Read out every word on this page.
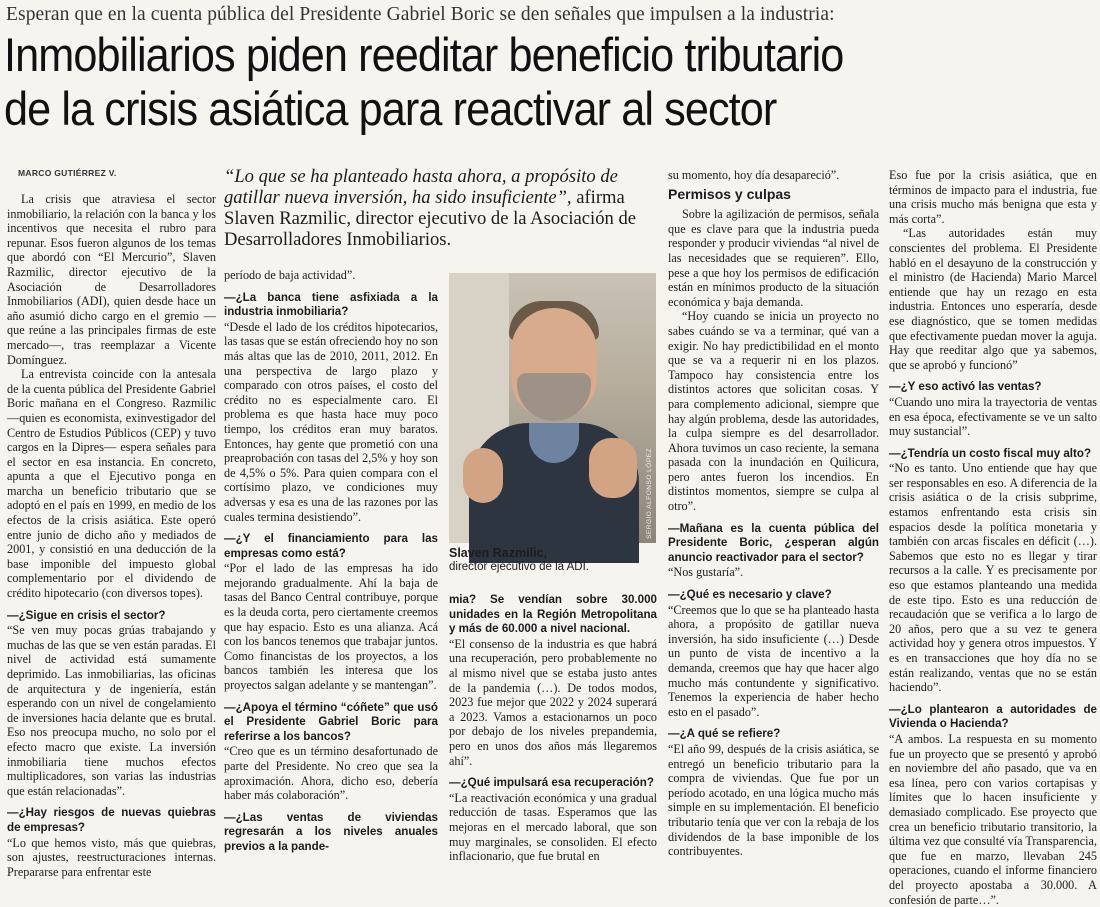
Esperan que en la cuenta pública del Presidente Gabriel Boric se den señales que impulsen a la industria:
Inmobiliarios piden reeditar beneficio tributario
de la crisis asiática para reactivar al sector
MARCO GUTIÉRREZ V.

La crisis que atraviesa el sector inmobiliario, la relación con la banca y los incentivos que necesita el rubro para repunar. Esos fueron algunos de los temas que abordó con “El Mercurio”, Slaven Razmilic, director ejecutivo de la Asociación de Desarrolladores Inmobiliarios (ADI), quien desde hace un año asumió dicho cargo en el gremio —que reúne a las principales firmas de este mercado—, tras reemplazar a Vicente Domínguez.

La entrevista coincide con la antesala de la cuenta pública del Presidente Gabriel Boric mañana en el Congreso. Razmilic —quien es economista, exinvestigador del Centro de Estudios Públicos (CEP) y tuvo cargos en la Dipres— espera señales para el sector en esa instancia. En concreto, apunta a que el Ejecutivo ponga en marcha un beneficio tributario que se adoptó en el país en 1999, en medio de los efectos de la crisis asiática. Este operó entre junio de dicho año y mediados de 2001, y consistió en una deducción de la base imponible del impuesto global complementario por el dividendo de crédito hipotecario (con diversos topes).

—¿Sigue en crisis el sector?

“Se ven muy pocas grúas trabajando y muchas de las que se ven están paradas. El nivel de actividad está sumamente deprimido. Las inmobiliarias, las oficinas de arquitectura y de ingeniería, están esperando con un nivel de congelamiento de inversiones hacia delante que es brutal. Eso nos preocupa mucho, no solo por el efecto macro que existe. La inversión inmobiliaria tiene muchos efectos multiplicadores, son varias las industrias que están relacionadas”.

—¿Hay riesgos de nuevas quiebras de empresas?

“Lo que hemos visto, más que quiebras, son ajustes, reestructuraciones internas. Prepararse para enfrentar este

“Lo que se ha planteado hasta ahora, a propósito de gatillar nueva inversión, ha sido insuficiente”, afirma Slaven Razmilic, director ejecutivo de la Asociación de Desarrolladores Inmobiliarios.

período de baja actividad”.

—¿La banca tiene asfixiada a la industria inmobiliaria?

“Desde el lado de los créditos hipotecarios, las tasas que se están ofreciendo hoy no son más altas que las de 2010, 2011, 2012. En una perspectiva de largo plazo y comparado con otros países, el costo del crédito no es especialmente caro. El problema es que hasta hace muy poco tiempo, los créditos eran muy baratos. Entonces, hay gente que prometió con una preaprobación con tasas del 2,5% y hoy son de 4,5% o 5%. Para quien compara con el cortísimo plazo, ve condiciones muy adversas y esa es una de las razones por las cuales termina desistiendo”.

—¿Y el financiamiento para las empresas como está?

“Por el lado de las empresas ha ido mejorando gradualmente. Ahí la baja de tasas del Banco Central contribuye, porque es la deuda corta, pero ciertamente creemos que hay espacio. Esto es una alianza. Acá con los bancos tenemos que trabajar juntos. Como financistas de los proyectos, a los bancos también les interesa que los proyectos salgan adelante y se mantengan”.

—¿Apoya el término “cóñete” que usó el Presidente Gabriel Boric para referirse a los bancos?

“Creo que es un término desafortunado de parte del Presidente. No creo que sea la aproximación. Ahora, dicho eso, debería haber más colaboración”.

—¿Las ventas de viviendas regresarán a los niveles anuales previos a la pande-

SERGIO ALFONSO LÓPEZ
Slaven Razmilic,
director ejecutivo de la ADI.

mia? Se vendían sobre 30.000 unidades en la Región Metropolitana y más de 60.000 a nivel nacional.

“El consenso de la industria es que habrá una recuperación, pero probablemente no al mismo nivel que se estaba justo antes de la pandemia (…). De todos modos, 2023 fue mejor que 2022 y 2024 superará a 2023. Vamos a estacionarnos un poco por debajo de los niveles prepandemia, pero en unos dos años más llegaremos ahí”.

—¿Qué impulsará esa recuperación?

“La reactivación económica y una gradual reducción de tasas. Esperamos que las mejoras en el mercado laboral, que son muy marginales, se consoliden. El efecto inflacionario, que fue brutal en

su momento, hoy día desapareció”.

Permisos y culpas

Sobre la agilización de permisos, señala que es clave para que la industria pueda responder y producir viviendas “al nivel de las necesidades que se requieren”. Ello, pese a que hoy los permisos de edificación están en mínimos producto de la situación económica y baja demanda.

“Hoy cuando se inicia un proyecto no sabes cuándo se va a terminar, qué van a exigir. No hay predictibilidad en el monto que se va a requerir ni en los plazos. Tampoco hay consistencia entre los distintos actores que solicitan cosas. Y para complemento adicional, siempre que hay algún problema, desde las autoridades, la culpa siempre es del desarrollador. Ahora tuvimos un caso reciente, la semana pasada con la inundación en Quilicura, pero antes fueron los incendios. En distintos momentos, siempre se culpa al otro”.

—Mañana es la cuenta pública del Presidente Boric, ¿esperan algún anuncio reactivador para el sector?

“Nos gustaría”.

—¿Qué es necesario y clave?

“Creemos que lo que se ha planteado hasta ahora, a propósito de gatillar nueva inversión, ha sido insuficiente (…) Desde un punto de vista de incentivo a la demanda, creemos que hay que hacer algo mucho más contundente y significativo. Tenemos la experiencia de haber hecho esto en el pasado”.

—¿A qué se refiere?

“El año 99, después de la crisis asiática, se entregó un beneficio tributario para la compra de viviendas. Que fue por un período acotado, en una lógica mucho más simple en su implementación. El beneficio tributario tenía que ver con la rebaja de los dividendos de la base imponible de los contribuyentes.

Eso fue por la crisis asiática, que en términos de impacto para el industria, fue una crisis mucho más benigna que esta y más corta”.

“Las autoridades están muy conscientes del problema. El Presidente habló en el desayuno de la construcción y el ministro (de Hacienda) Mario Marcel entiende que hay un rezago en esta industria. Entonces uno esperaría, desde ese diagnóstico, que se tomen medidas que efectivamente puedan mover la aguja. Hay que reeditar algo que ya sabemos, que se aprobó y funcionó”

—¿Y eso activó las ventas?

“Cuando uno mira la trayectoria de ventas en esa época, efectivamente se ve un salto muy sustancial”.

—¿Tendría un costo fiscal muy alto?

“No es tanto. Uno entiende que hay que ser responsables en eso. A diferencia de la crisis asiática o de la crisis subprime, estamos enfrentando esta crisis sin espacios desde la política monetaria y también con arcas fiscales en déficit (…). Sabemos que esto no es llegar y tirar recursos a la calle. Y es precisamente por eso que estamos planteando una medida de este tipo. Esto es una reducción de recaudación que se verifica a lo largo de 20 años, pero que a su vez te genera actividad hoy y genera otros impuestos. Y es en transacciones que hoy día no se están realizando, ventas que no se están haciendo”.

—¿Lo plantearon a autoridades de Vivienda o Hacienda?

“A ambos. La respuesta en su momento fue un proyecto que se presentó y aprobó en noviembre del año pasado, que va en esa línea, pero con varios cortapisas y límites que lo hacen insuficiente y demasiado complicado. Ese proyecto que crea un beneficio tributario transitorio, la última vez que consulté vía Transparencia, que fue en marzo, llevaban 245 operaciones, cuando el informe financiero del proyecto apostaba a 30.000. A confesión de parte…”.
